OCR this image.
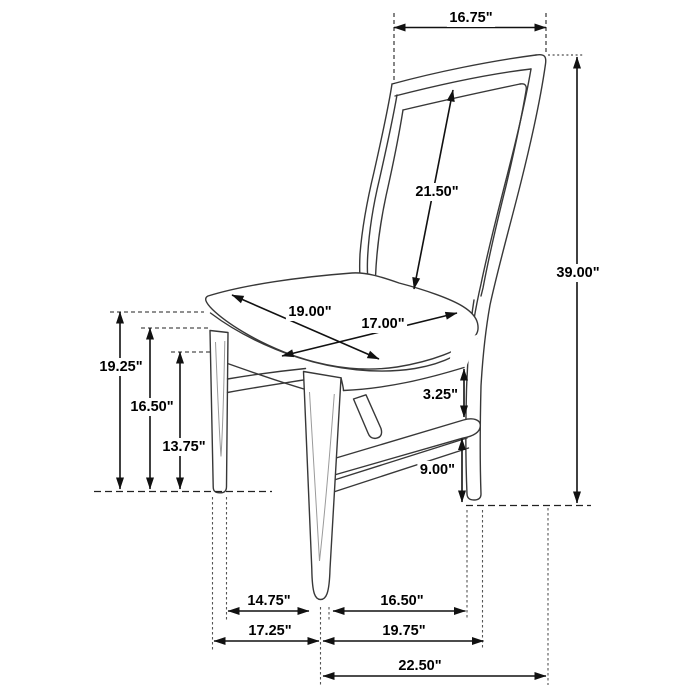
16.75"
21.50"
39.00"
19.00"
17.00"
19.25"
16.50"
13.75"
3.25"
9.00"
14.75"	16.50"
17.25"	19.75"
22.50"
